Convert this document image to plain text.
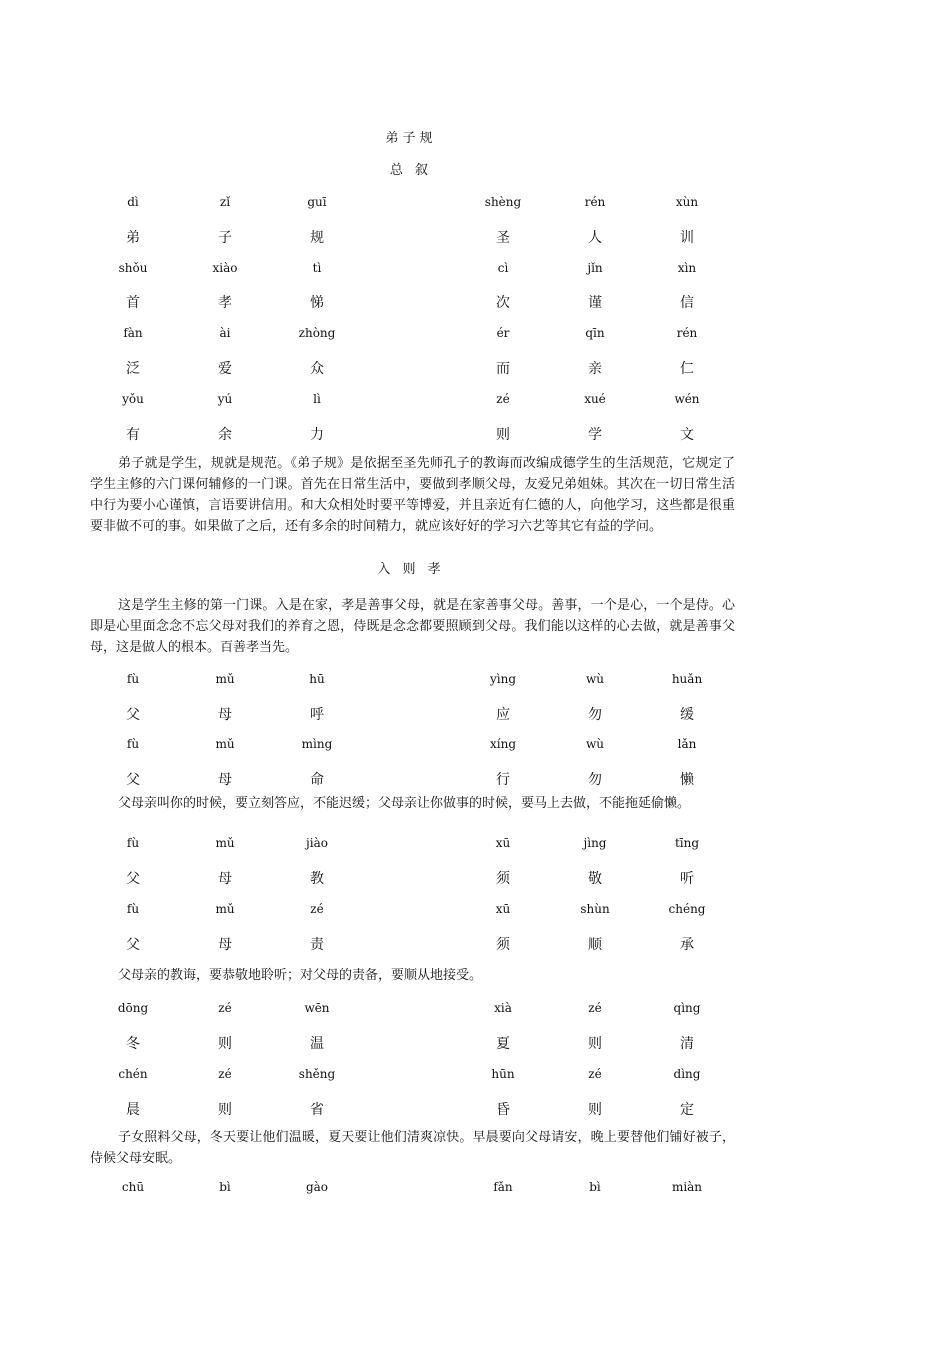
弟子规
总 叙
dì	zǐ	guī	shèng	rén	xùn
弟	子	规	圣	人	训
shǒu	xiào	tì	cì	jǐn	xìn
首	孝	悌	次	谨	信
fàn	ài	zhòng	ér	qīn	rén
泛	爱	众	而	亲	仁
yǒu	yú	lì	zé	xué	wén
有	余	力	则	学	文

弟子就是学生，规就是规范。《弟子规》是依据至圣先师孔子的教诲而改编成德学生的生活规范，它规定了学生主修的六门课何辅修的一门课。首先在日常生活中，要做到孝顺父母，友爱兄弟姐妹。其次在一切日常生活中行为要小心谨慎，言语要讲信用。和大众相处时要平等博爱，并且亲近有仁德的人，向他学习，这些都是很重要非做不可的事。如果做了之后，还有多余的时间精力，就应该好好的学习六艺等其它有益的学问。

入 则 孝

这是学生主修的第一门课。入是在家，孝是善事父母，就是在家善事父母。善事，一个是心，一个是侍。心即是心里面念念不忘父母对我们的养育之恩，侍既是念念都要照顾到父母。我们能以这样的心去做，就是善事父母，这是做人的根本。百善孝当先。

fù	mǔ	hū	yìng	wù	huǎn
父	母	呼	应	勿	缓
fù	mǔ	mìng	xíng	wù	lǎn
父	母	命	行	勿	懒

父母亲叫你的时候，要立刻答应，不能迟缓；父母亲让你做事的时候，要马上去做，不能拖延偷懒。

fù	mǔ	jiào	xū	jìng	tīng
父	母	教	须	敬	听
fù	mǔ	zé	xū	shùn	chéng
父	母	责	须	顺	承

父母亲的教诲，要恭敬地聆听；对父母的责备，要顺从地接受。

dōng	zé	wēn	xià	zé	qìng
冬	则	温	夏	则	清
chén	zé	shěng	hūn	zé	dìng
晨	则	省	昏	则	定

子女照料父母，冬天要让他们温暖，夏天要让他们清爽凉快。早晨要向父母请安，晚上要替他们铺好被子，侍候父母安眠。

chū	bì	gào	fǎn	bì	miàn
